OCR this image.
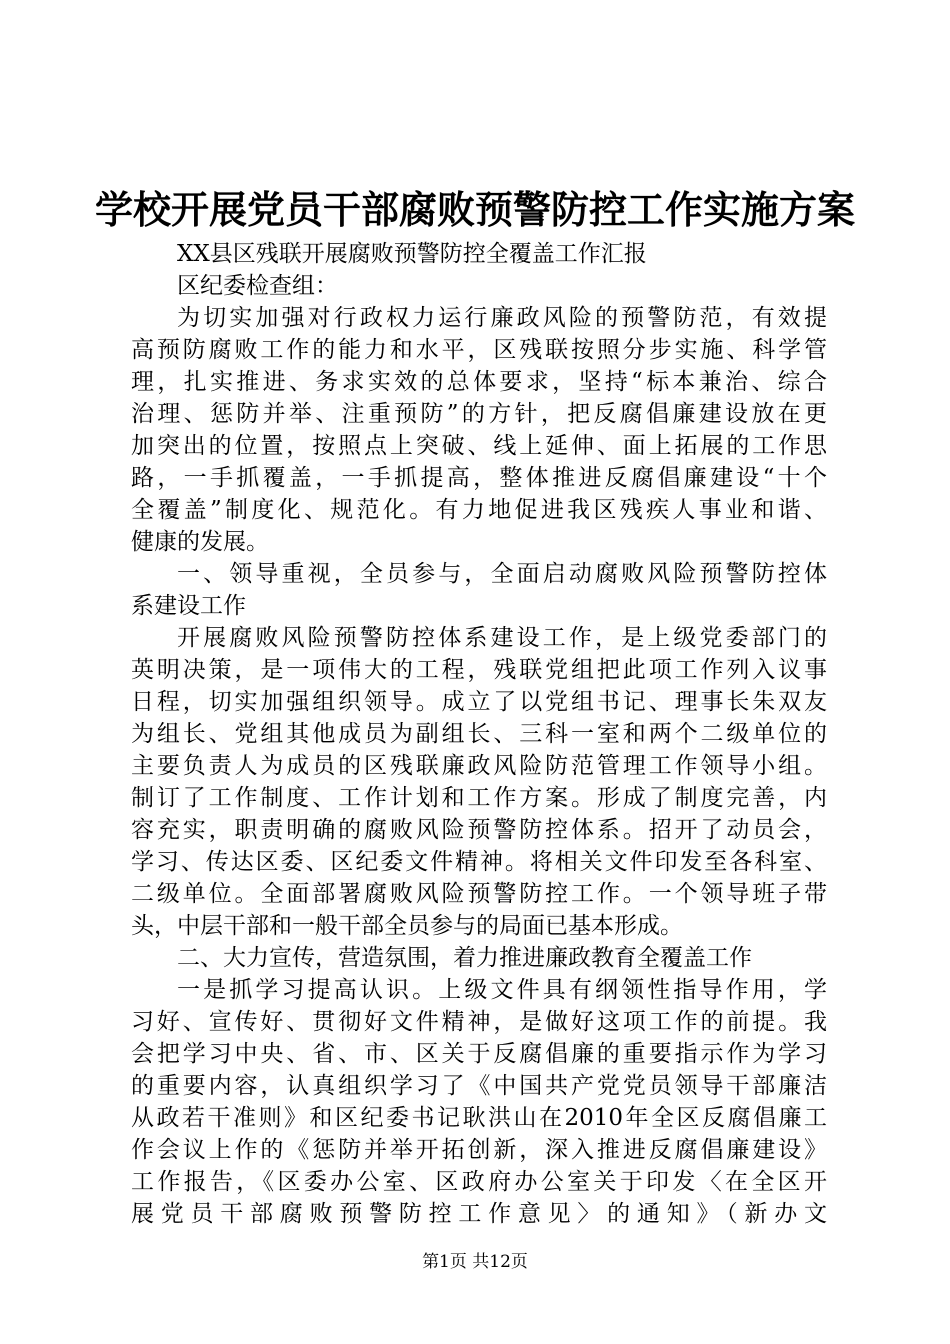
学校开展党员干部腐败预警防控工作实施方案
XX县区残联开展腐败预警防控全覆盖工作汇报
区纪委检查组：
为切实加强对行政权力运行廉政风险的预警防范，有效提
高预防腐败工作的能力和水平，区残联按照分步实施、科学管
理，扎实推进、务求实效的总体要求，坚持“标本兼治、综合
治理、惩防并举、注重预防”的方针，把反腐倡廉建设放在更
加突出的位置，按照点上突破、线上延伸、面上拓展的工作思
路，一手抓覆盖，一手抓提高，整体推进反腐倡廉建设“十个
全覆盖”制度化、规范化。有力地促进我区残疾人事业和谐、
健康的发展。
一、领导重视，全员参与，全面启动腐败风险预警防控体
系建设工作
开展腐败风险预警防控体系建设工作，是上级党委部门的
英明决策，是一项伟大的工程，残联党组把此项工作列入议事
日程，切实加强组织领导。成立了以党组书记、理事长朱双友
为组长、党组其他成员为副组长、三科一室和两个二级单位的
主要负责人为成员的区残联廉政风险防范管理工作领导小组。
制订了工作制度、工作计划和工作方案。形成了制度完善，内
容充实，职责明确的腐败风险预警防控体系。招开了动员会，
学习、传达区委、区纪委文件精神。将相关文件印发至各科室、
二级单位。全面部署腐败风险预警防控工作。一个领导班子带
头，中层干部和一般干部全员参与的局面已基本形成。
二、大力宣传，营造氛围，着力推进廉政教育全覆盖工作
一是抓学习提高认识。上级文件具有纲领性指导作用，学
习好、宣传好、贯彻好文件精神，是做好这项工作的前提。我
会把学习中央、省、市、区关于反腐倡廉的重要指示作为学习
的重要内容，认真组织学习了《中国共产党党员领导干部廉洁
从政若干准则》和区纪委书记耿洪山在2010年全区反腐倡廉工
作会议上作的《惩防并举开拓创新，深入推进反腐倡廉建设》
工作报告，《区委办公室、区政府办公室关于印发〈在全区开
展党员干部腐败预警防控工作意见〉的通知》（新办文
第1页 共12页
